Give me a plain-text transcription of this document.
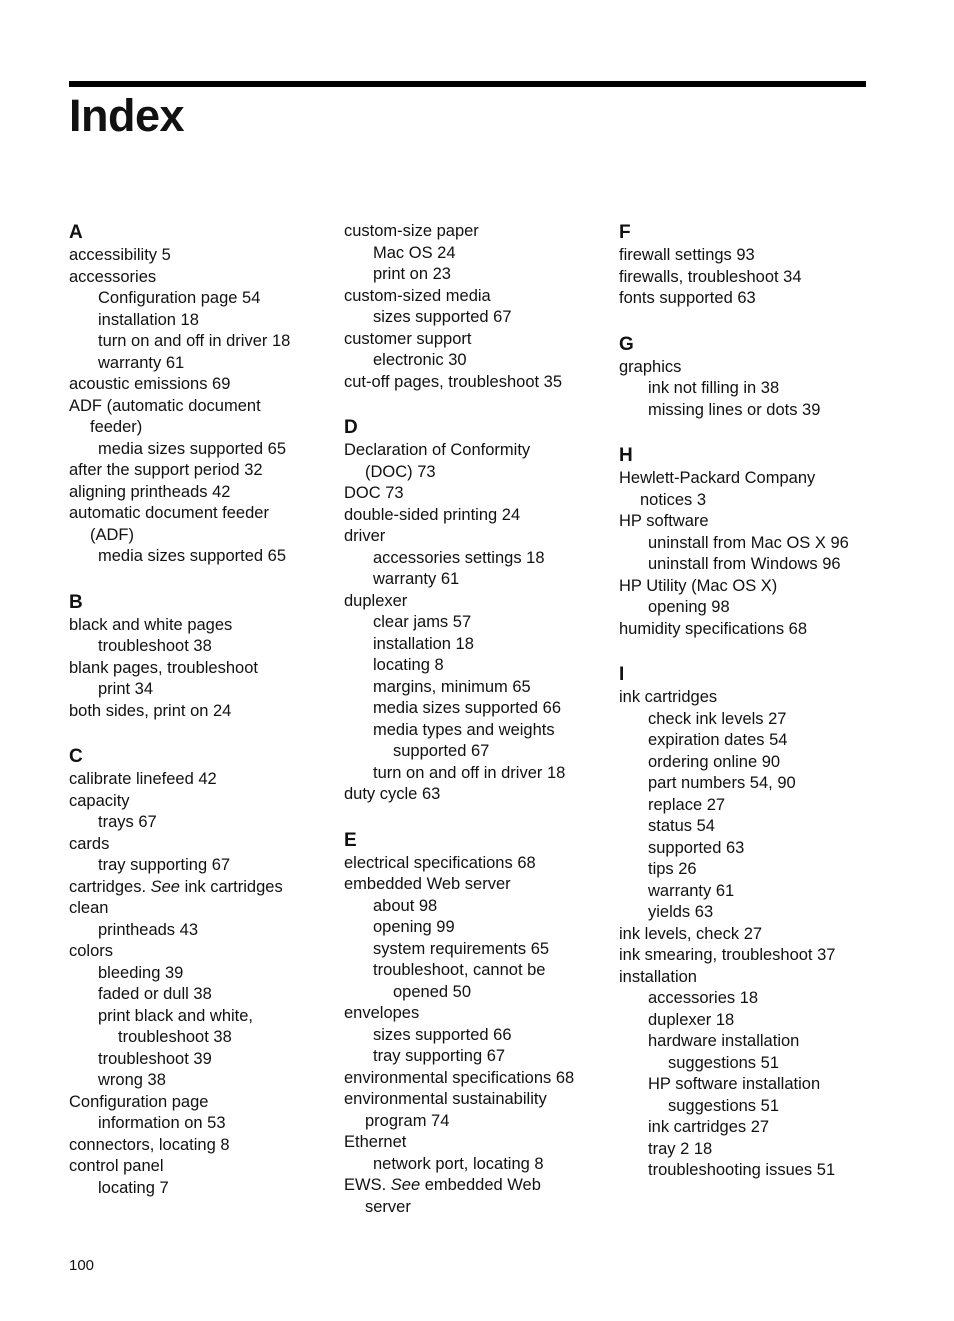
Index
A
accessibility 5
accessories
Configuration page 54
installation 18
turn on and off in driver 18
warranty 61
acoustic emissions 69
ADF (automatic document
feeder)
media sizes supported 65
after the support period 32
aligning printheads 42
automatic document feeder
(ADF)
media sizes supported 65
B
black and white pages
troubleshoot 38
blank pages, troubleshoot
print 34
both sides, print on 24
C
calibrate linefeed 42
capacity
trays 67
cards
tray supporting 67
cartridges. See ink cartridges
clean
printheads 43
colors
bleeding 39
faded or dull 38
print black and white,
troubleshoot 38
troubleshoot 39
wrong 38
Configuration page
information on 53
connectors, locating 8
control panel
locating 7
custom-size paper
Mac OS 24
print on 23
custom-sized media
sizes supported 67
customer support
electronic 30
cut-off pages, troubleshoot 35
D
Declaration of Conformity
(DOC) 73
DOC 73
double-sided printing 24
driver
accessories settings 18
warranty 61
duplexer
clear jams 57
installation 18
locating 8
margins, minimum 65
media sizes supported 66
media types and weights
supported 67
turn on and off in driver 18
duty cycle 63
E
electrical specifications 68
embedded Web server
about 98
opening 99
system requirements 65
troubleshoot, cannot be
opened 50
envelopes
sizes supported 66
tray supporting 67
environmental specifications 68
environmental sustainability
program 74
Ethernet
network port, locating 8
EWS. See embedded Web
server
F
firewall settings 93
firewalls, troubleshoot 34
fonts supported 63
G
graphics
ink not filling in 38
missing lines or dots 39
H
Hewlett-Packard Company
notices 3
HP software
uninstall from Mac OS X 96
uninstall from Windows 96
HP Utility (Mac OS X)
opening 98
humidity specifications 68
I
ink cartridges
check ink levels 27
expiration dates 54
ordering online 90
part numbers 54, 90
replace 27
status 54
supported 63
tips 26
warranty 61
yields 63
ink levels, check 27
ink smearing, troubleshoot 37
installation
accessories 18
duplexer 18
hardware installation
suggestions 51
HP software installation
suggestions 51
ink cartridges 27
tray 2 18
troubleshooting issues 51
100
